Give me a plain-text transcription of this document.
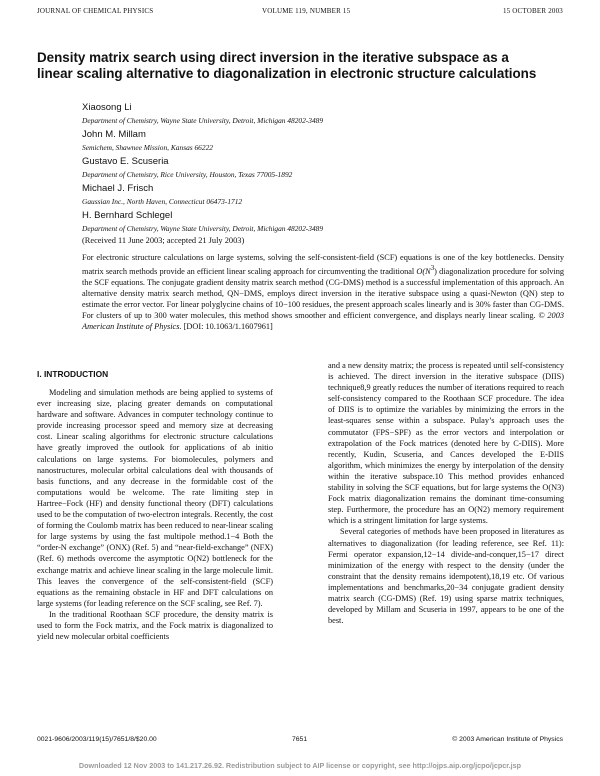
JOURNAL OF CHEMICAL PHYSICS	VOLUME 119, NUMBER 15	15 OCTOBER 2003
Density matrix search using direct inversion in the iterative subspace as a linear scaling alternative to diagonalization in electronic structure calculations
Xiaosong Li
Department of Chemistry, Wayne State University, Detroit, Michigan 48202-3489
John M. Millam
Semichem, Shawnee Mission, Kansas 66222
Gustavo E. Scuseria
Department of Chemistry, Rice University, Houston, Texas 77005-1892
Michael J. Frisch
Gaussian Inc., North Haven, Connecticut 06473-1712
H. Bernhard Schlegel
Department of Chemistry, Wayne State University, Detroit, Michigan 48202-3489
(Received 11 June 2003; accepted 21 July 2003)
For electronic structure calculations on large systems, solving the self-consistent-field (SCF) equations is one of the key bottlenecks. Density matrix search methods provide an efficient linear scaling approach for circumventing the traditional $O(N^3)$ diagonalization procedure for solving the SCF equations. The conjugate gradient density matrix search method (CG-DMS) method is a successful implementation of this approach. An alternative density matrix search method, QN−DMS, employs direct inversion in the iterative subspace using a quasi-Newton (QN) step to estimate the error vector. For linear polyglycine chains of 10−100 residues, the present approach scales linearly and is 30% faster than CG-DMS. For clusters of up to 300 water molecules, this method shows smoother and efficient convergence, and displays nearly linear scaling. © 2003 American Institute of Physics. [DOI: 10.1063/1.1607961]
I. INTRODUCTION

Modeling and simulation methods are being applied to systems of ever increasing size, placing greater demands on computational hardware and software. Advances in computer technology continue to provide increasing processor speed and memory size at decreasing cost. Linear scaling algorithms for electronic structure calculations have greatly improved the outlook for applications of ab initio calculations on large systems. For biomolecules, polymers and nanostructures, molecular orbital calculations deal with thousands of basis functions, and any decrease in the formidable cost of the computations would be welcome. The rate limiting step in Hartree−Fock (HF) and density functional theory (DFT) calculations used to be the computation of two-electron integrals. Recently, the cost of forming the Coulomb matrix has been reduced to near-linear scaling for large systems by using the fast multipole method.1−4 Both the “order-N exchange” (ONX) (Ref. 5) and “near-field-exchange” (NFX) (Ref. 6) methods overcome the asymptotic O(N2) bottleneck for the exchange matrix and achieve linear scaling in the large molecule limit. This leaves the convergence of the self-consistent-field (SCF) equations as the remaining obstacle in HF and DFT calculations on large systems (for leading reference on the SCF scaling, see Ref. 7).

In the traditional Roothaan SCF procedure, the density matrix is used to form the Fock matrix, and the Fock matrix is diagonalized to yield new molecular orbital coefficients

and a new density matrix; the process is repeated until self-consistency is achieved. The direct inversion in the iterative subspace (DIIS) technique8,9 greatly reduces the number of iterations required to reach self-consistency compared to the Roothaan SCF procedure. The idea of DIIS is to optimize the variables by minimizing the errors in the least-squares sense within a subspace. Pulay’s approach uses the commutator (FPS−SPF) as the error vectors and interpolation or extrapolation of the Fock matrices (denoted here by C-DIIS). More recently, Kudin, Scuseria, and Cances developed the E-DIIS algorithm, which minimizes the energy by interpolation of the density within the iterative subspace.10 This method provides enhanced stability in solving the SCF equations, but for large systems the O(N3) Fock matrix diagonalization remains the dominant time-consuming step. Furthermore, the procedure has an O(N2) memory requirement which is a stringent limitation for large systems.

Several categories of methods have been proposed in literatures as alternatives to diagonalization (for leading reference, see Ref. 11): Fermi operator expansion,12−14 divide-and-conquer,15−17 direct minimization of the energy with respect to the density (under the constraint that the density remains idempotent),18,19 etc. Of various implementations and benchmarks,20−34 conjugate gradient density matrix search (CG-DMS) (Ref. 19) using sparse matrix techniques, developed by Millam and Scuseria in 1997, appears to be one of the best.

0021-9606/2003/119(15)/7651/8/$20.00	7651	© 2003 American Institute of Physics
Downloaded 12 Nov 2003 to 141.217.26.92. Redistribution subject to AIP license or copyright, see http://ojps.aip.org/jcpo/jcpcr.jsp
